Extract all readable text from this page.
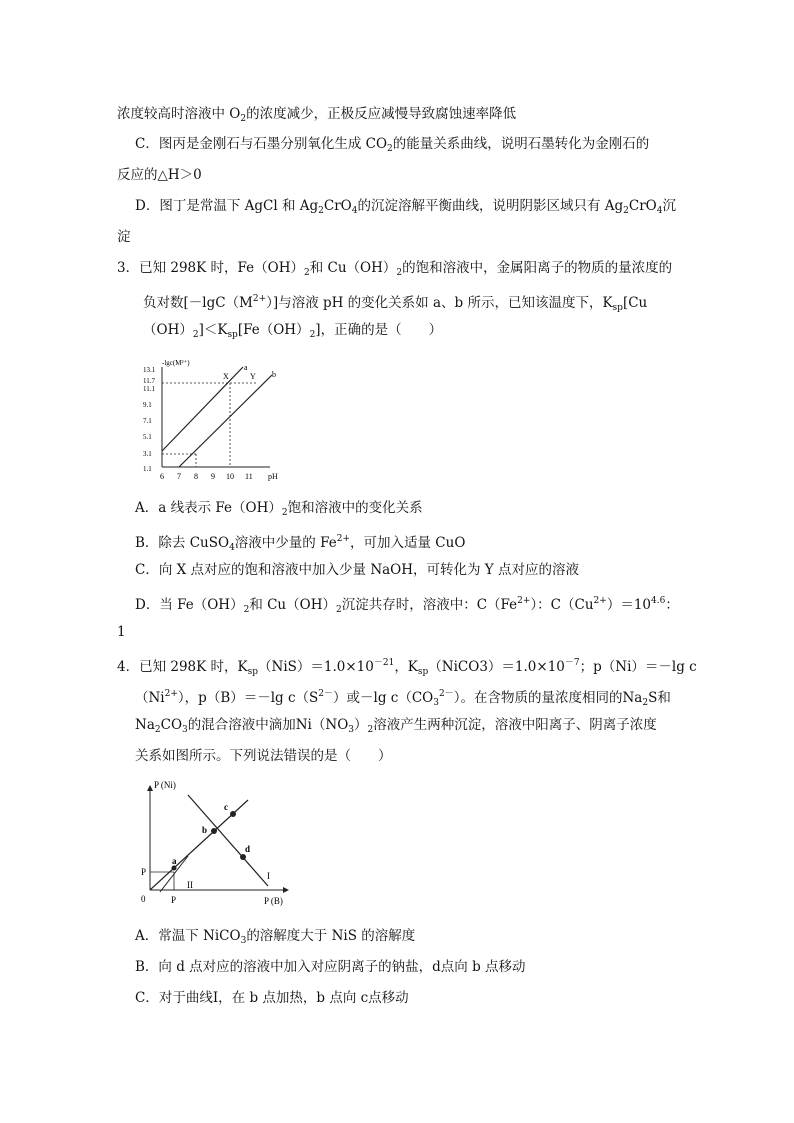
浓度较高时溶液中 $O_2$的浓度减少，正极反应减慢导致腐蚀速率降低
C．图丙是金刚石与石墨分别氧化生成 $CO_2$的能量关系曲线，说明石墨转化为金刚石的
反应的△H＞0
D．图丁是常温下 AgCl 和 $Ag_2CrO_4$的沉淀溶解平衡曲线，说明阴影区域只有 $Ag_2CrO_4$沉
淀
3．已知 298K 时，$Fe(OH)_2$和 $Cu(OH)_2$的饱和溶液中，金属阳离子的物质的量浓度的
负对数$[-\lg C(M^{2+})]$与溶液 pH 的变化关系如 a、b 所示，已知该温度下，$K_{sp}[Cu$
$(OH)_2]<K_{sp}[Fe(OH)_2]$，正确的是（　　）
-lgc(M²⁺)
pH
13.1
11.7
11.1
9.1
7.1
5.1
3.1
1.1
6 7 8 9 10 11
a
b
X	Y
A．a 线表示 $Fe(OH)_2$饱和溶液中的变化关系
B．除去 CuSO$_4$溶液中少量的 $Fe^{2+}$，可加入适量 CuO
C．向 X 点对应的饱和溶液中加入少量 NaOH，可转化为 Y 点对应的溶液
D．当 $Fe(OH)_2$和 $Cu(OH)_2$沉淀共存时，溶液中：$C(Fe^{2+})$：$C(Cu^{2+})=10^{4.6}$：
1
4．已知 298K 时，$K_{sp}(NiS)=1.0\times 10^{-21}$，$K_{sp}(NiCO3)=1.0\times 10^{-7}$；p（Ni）＝－lg c
$(Ni^{2+})$，p（B）＝－lg $c(S^{2-})$或－lg $c(CO_3^{2-})$。在含物质的量浓度相同的$Na_2S$和
$Na_2CO_3$的混合溶液中滴加$Ni(NO_3)_2$溶液产生两种沉淀，溶液中阳离子、阴离子浓度
关系如图所示。下列说法错误的是（　　）
P (Ni)
P (B)
0
P
P
a
b
c
d
I
II
A．常温下 NiCO$_3$的溶解度大于 NiS 的溶解度
B．向 d 点对应的溶液中加入对应阴离子的钠盐，d点向 b 点移动
C．对于曲线Ⅰ，在 b 点加热，b 点向 c点移动
